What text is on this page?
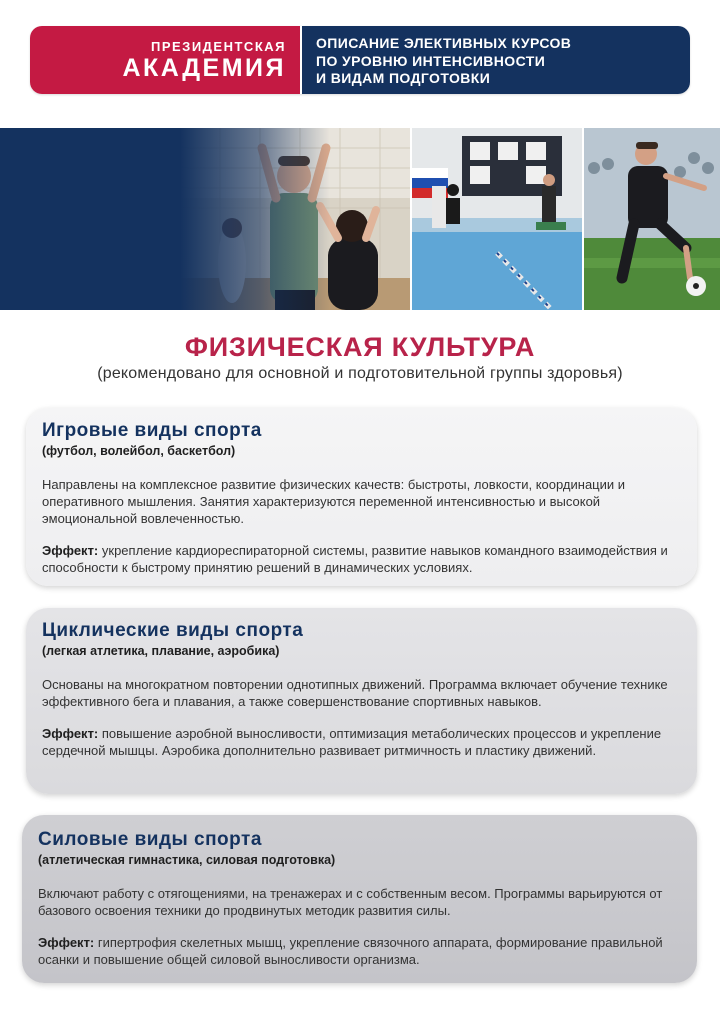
ПРЕЗИДЕНТСКАЯ
АКАДЕМИЯ
ОПИСАНИЕ ЭЛЕКТИВНЫХ КУРСОВ
ПО УРОВНЮ ИНТЕНСИВНОСТИ
И ВИДАМ ПОДГОТОВКИ
ФИЗИЧЕСКАЯ КУЛЬТУРА
(рекомендовано для основной и подготовительной группы здоровья)
Игровые виды спорта
(футбол, волейбол, баскетбол)
Направлены на комплексное развитие физических качеств: быстроты, ловкости, координации и оперативного мышления. Занятия характеризуются переменной интенсивностью и высокой эмоциональной вовлеченностью.
Эффект: укрепление кардиореспираторной системы, развитие навыков командного взаимодействия и способности к быстрому принятию решений в динамических условиях.
Циклические виды спорта
(легкая атлетика, плавание, аэробика)
Основаны на многократном повторении однотипных движений. Программа включает обучение технике эффективного бега и плавания, а также совершенствование спортивных навыков.
Эффект: повышение аэробной выносливости, оптимизация метаболических процессов и укрепление сердечной мышцы. Аэробика дополнительно развивает ритмичность и пластику движений.
Силовые виды спорта
(атлетическая гимнастика, силовая подготовка)
Включают работу с отягощениями, на тренажерах и с собственным весом. Программы варьируются от базового освоения техники до продвинутых методик развития силы.
Эффект: гипертрофия скелетных мышц, укрепление связочного аппарата, формирование правильной осанки и повышение общей силовой выносливости организма.
